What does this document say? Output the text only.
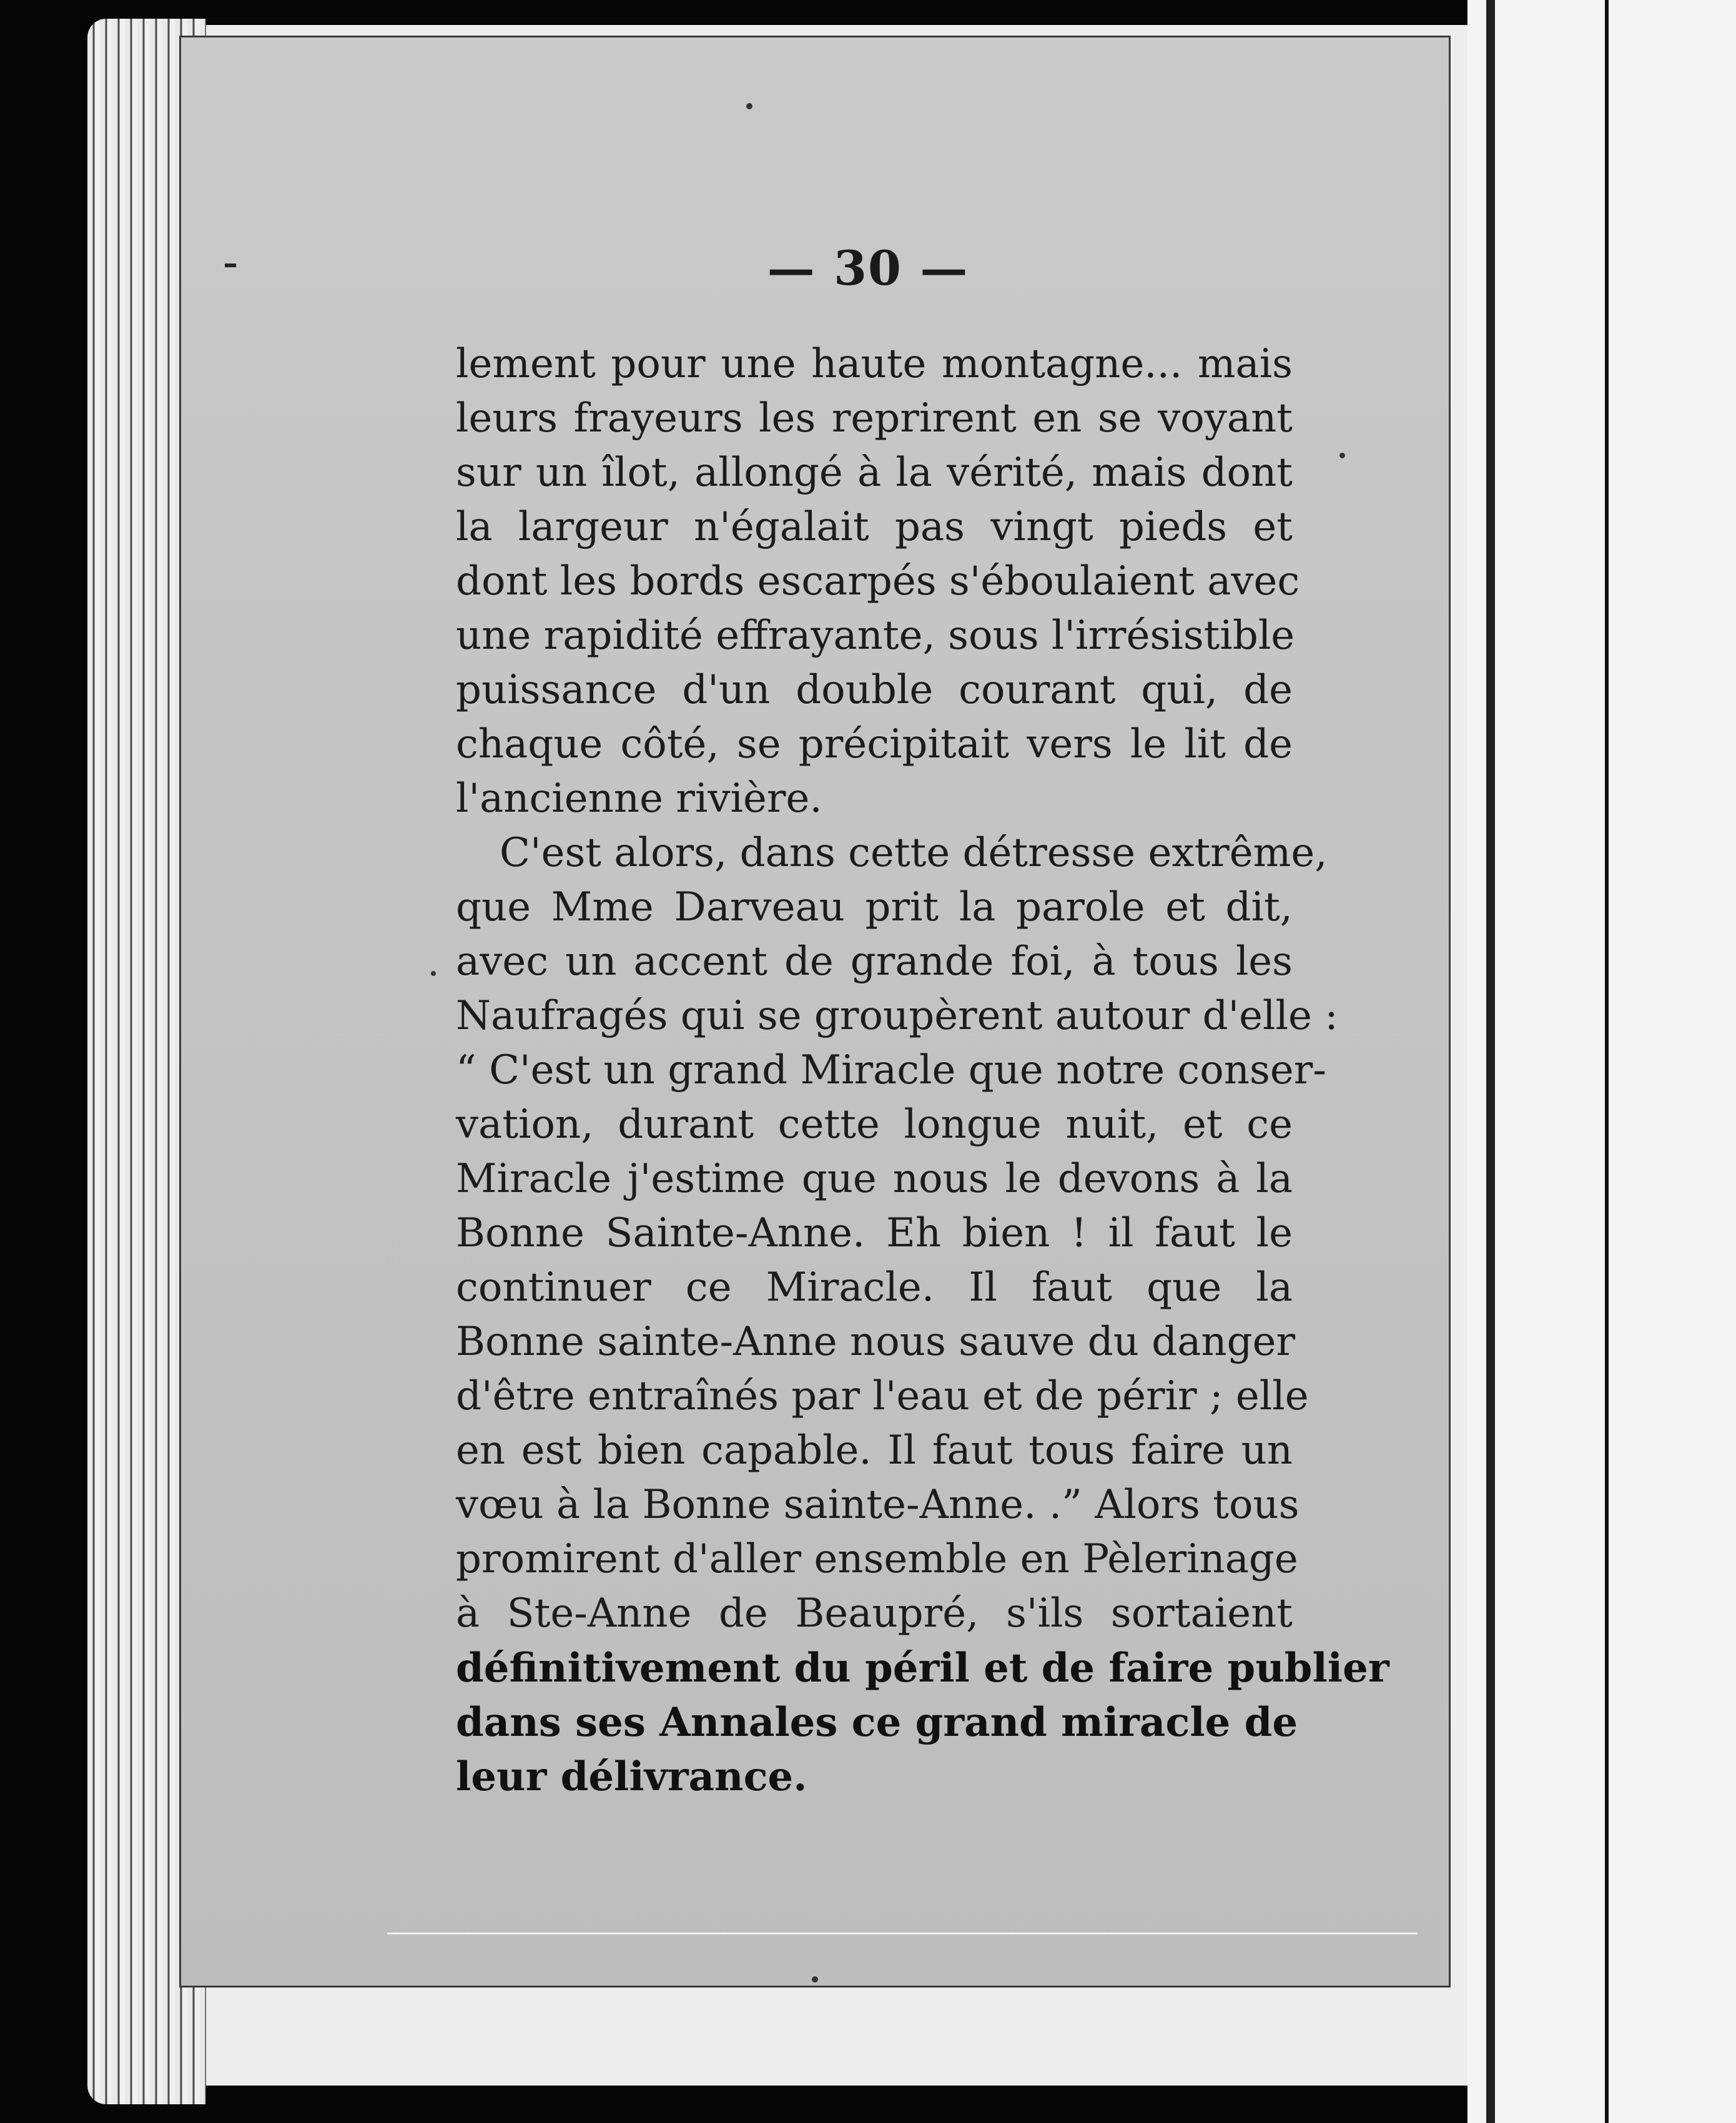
— 30 —
lement pour une haute montagne... mais
leurs frayeurs les reprirent en se voyant
sur un îlot, allongé à la vérité, mais dont
la largeur n'égalait pas vingt pieds et
dont les bords escarpés s'éboulaient avec
une rapidité effrayante, sous l'irrésistible
puissance d'un double courant qui, de
chaque côté, se précipitait vers le lit de
l'ancienne rivière.
C'est alors, dans cette détresse extrême,
que Mme Darveau prit la parole et dit,
avec un accent de grande foi, à tous les
Naufragés qui se groupèrent autour d'elle :
“ C'est un grand Miracle que notre conser-
vation, durant cette longue nuit, et ce
Miracle j'estime que nous le devons à la
Bonne Sainte-Anne. Eh bien ! il faut le
continuer ce Miracle. Il faut que la
Bonne sainte-Anne nous sauve du danger
d'être entraînés par l'eau et de périr ; elle
en est bien capable. Il faut tous faire un
vœu à la Bonne sainte-Anne. .” Alors tous
promirent d'aller ensemble en Pèlerinage
à Ste-Anne de Beaupré, s'ils sortaient
définitivement du péril et de faire publier
dans ses Annales ce grand miracle de
leur délivrance.
